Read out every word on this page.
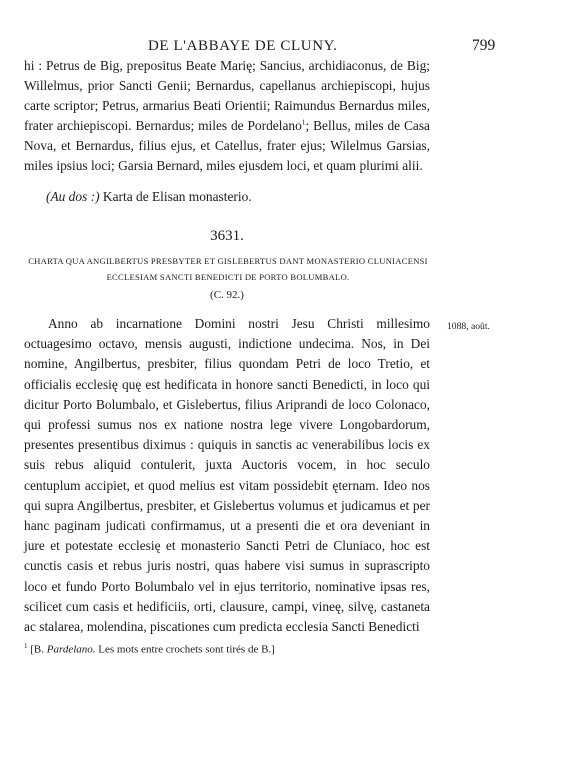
DE L'ABBAYE DE CLUNY.	799

hi : Petrus de Big, prepositus Beate Marię; Sancius, archidiaconus, de Big; Willelmus, prior Sancti Genii; Bernardus, capellanus archiepiscopi, hujus carte scriptor; Petrus, armarius Beati Orientii; Raimundus Bernardus miles, frater archiepiscopi. Bernardus; miles de Pordelano$^1$; Bellus, miles de Casa Nova, et Bernardus, filius ejus, et Catellus, frater ejus; Wilelmus Garsias, miles ipsius loci; Garsia Bernard, miles ejusdem loci, et quam plurimi alii.

(Au dos :) Karta de Elisan monasterio.
3631.
CHARTA QUA ANGILBERTUS PRESBYTER ET GISLEBERTUS DANT MONASTERIO CLUNIACENSI
ECCLESIAM SANCTI BENEDICTI DE PORTO BOLUMBALO.
(C. 92.)
1088, août.

Anno ab incarnatione Domini nostri Jesu Christi millesimo octuagesimo octavo, mensis augusti, indictione undecima. Nos, in Dei nomine, Angilbertus, presbiter, filius quondam Petri de loco Tretio, et officialis ecclesię quę est hedificata in honore sancti Benedicti, in loco qui dicitur Porto Bolumbalo, et Gislebertus, filius Ariprandi de loco Colonaco, qui professi sumus nos ex natione nostra lege vivere Longobardorum, presentes presentibus diximus : quiquis in sanctis ac venerabilibus locis ex suis rebus aliquid contulerit, juxta Auctoris vocem, in hoc seculo centuplum accipiet, et quod melius est vitam possidebit ęternam. Ideo nos qui supra Angilbertus, presbiter, et Gislebertus volumus et judicamus et per hanc paginam judicati confirmamus, ut a presenti die et ora deveniant in jure et potestate ecclesię et monasterio Sancti Petri de Cluniaco, hoc est cunctis casis et rebus juris nostri, quas habere visi sumus in suprascripto loco et fundo Porto Bolumbalo vel in ejus territorio, nominative ipsas res, scilicet cum casis et hedificiis, orti, clausure, campi, vineę, silvę, castaneta ac stalarea, molendina, piscationes cum predicta ecclesia Sancti Benedicti

$^1$ [B. Pardelano. Les mots entre crochets sont tirés de B.]
